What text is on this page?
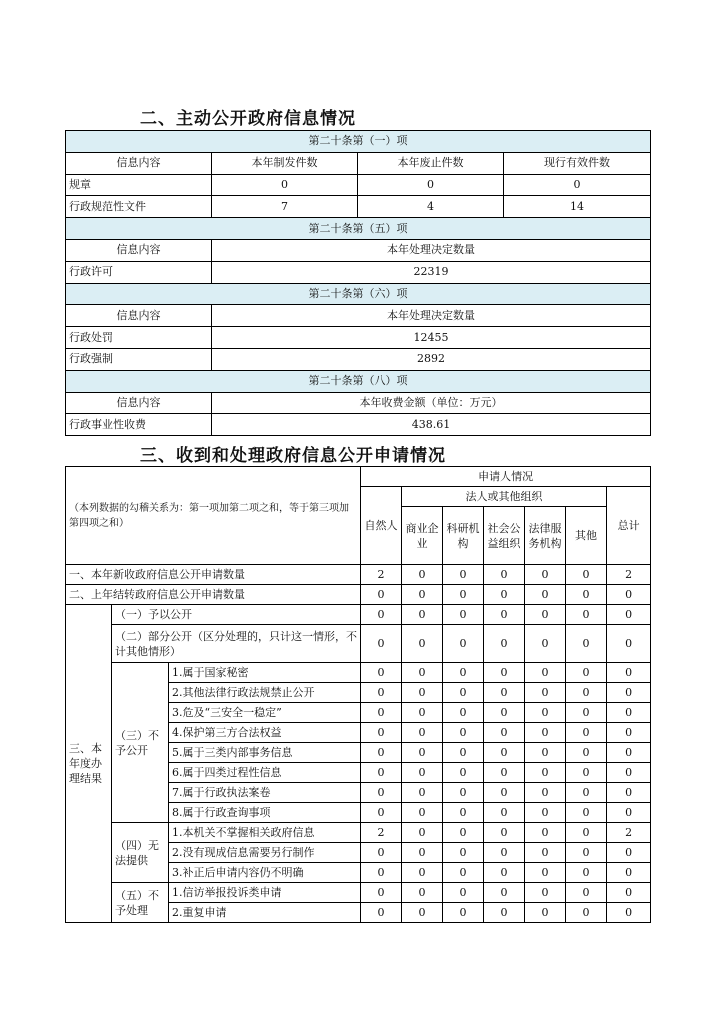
二、主动公开政府信息情况
第二十条第（一）项			
信息内容	本年制发件数	本年废止件数	现行有效件数
规章	0	0	0
行政规范性文件	7	4	14
第二十条第（五）项			
信息内容	本年处理决定数量		
行政许可	22319		
第二十条第（六）项			
信息内容	本年处理决定数量		
行政处罚	12455		
行政强制	2892		
第二十条第（八）项			
信息内容	本年收费金额（单位：万元）		
行政事业性收费	438.61		
三、收到和处理政府信息公开申请情况
（本列数据的勾稽关系为：第一项加第二项之和，等于第三项加第四项之和）			申请人情况						
			自然人	法人或其他组织					总计
				商业企业	科研机构	社会公益组织	法律服务机构	其他	
一、本年新收政府信息公开申请数量			2	0	0	0	0	0	2
二、上年结转政府信息公开申请数量			0	0	0	0	0	0	0
三、本年度办理结果	（一）予以公开		0	0	0	0	0	0	0
	（二）部分公开（区分处理的，只计这一情形，不计其他情形）		0	0	0	0	0	0	0
	（三）不予公开	1.属于国家秘密	0	0	0	0	0	0	0
		2.其他法律行政法规禁止公开	0	0	0	0	0	0	0
		3.危及“三安全一稳定”	0	0	0	0	0	0	0
		4.保护第三方合法权益	0	0	0	0	0	0	0
		5.属于三类内部事务信息	0	0	0	0	0	0	0
		6.属于四类过程性信息	0	0	0	0	0	0	0
		7.属于行政执法案卷	0	0	0	0	0	0	0
		8.属于行政查询事项	0	0	0	0	0	0	0
	（四）无法提供	1.本机关不掌握相关政府信息	2	0	0	0	0	0	2
		2.没有现成信息需要另行制作	0	0	0	0	0	0	0
		3.补正后申请内容仍不明确	0	0	0	0	0	0	0
	（五）不予处理	1.信访举报投诉类申请	0	0	0	0	0	0	0
		2.重复申请	0	0	0	0	0	0	0
